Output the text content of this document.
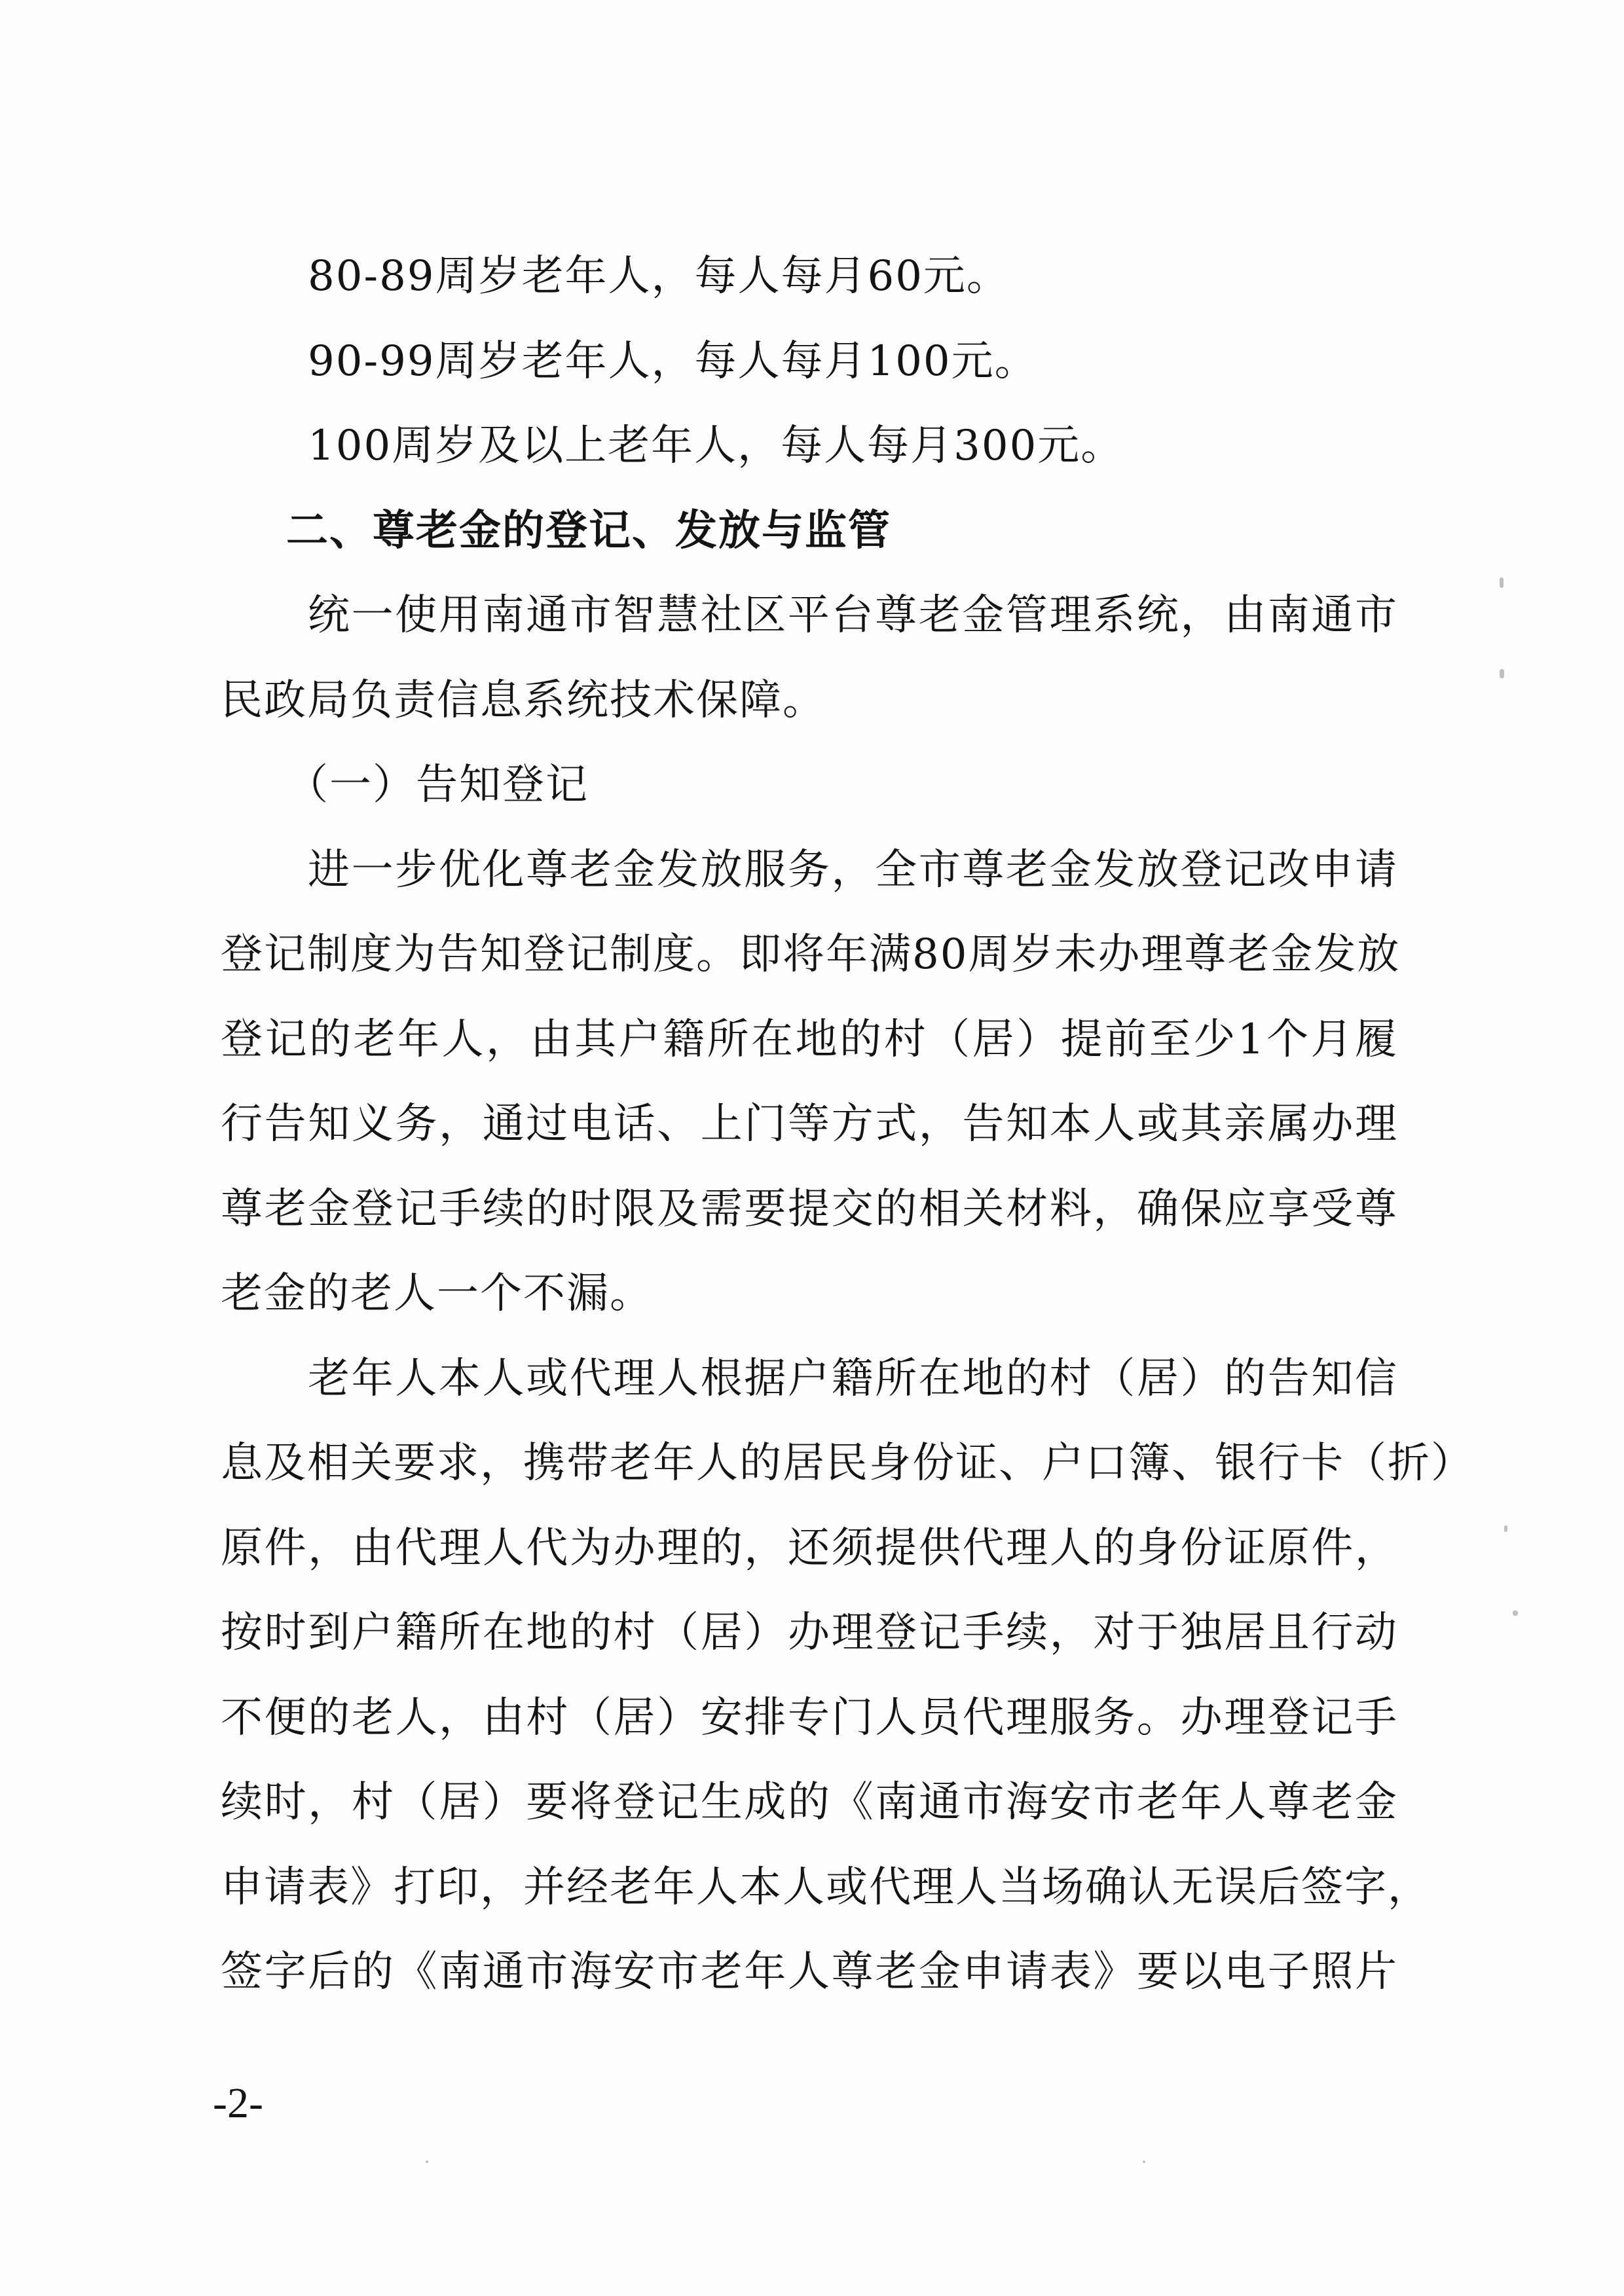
80-89周岁老年人，每人每月60元。
90-99周岁老年人，每人每月100元。
100周岁及以上老年人，每人每月300元。
二、尊老金的登记、发放与监管
统一使用南通市智慧社区平台尊老金管理系统，由南通市
民政局负责信息系统技术保障。
（一）告知登记
进一步优化尊老金发放服务，全市尊老金发放登记改申请
登记制度为告知登记制度。即将年满80周岁未办理尊老金发放
登记的老年人，由其户籍所在地的村（居）提前至少1个月履
行告知义务，通过电话、上门等方式，告知本人或其亲属办理
尊老金登记手续的时限及需要提交的相关材料，确保应享受尊
老金的老人一个不漏。
老年人本人或代理人根据户籍所在地的村（居）的告知信
息及相关要求，携带老年人的居民身份证、户口簿、银行卡（折）
原件，由代理人代为办理的，还须提供代理人的身份证原件，
按时到户籍所在地的村（居）办理登记手续，对于独居且行动
不便的老人，由村（居）安排专门人员代理服务。办理登记手
续时，村（居）要将登记生成的《南通市海安市老年人尊老金
申请表》打印，并经老年人本人或代理人当场确认无误后签字，
签字后的《南通市海安市老年人尊老金申请表》要以电子照片
-2-
